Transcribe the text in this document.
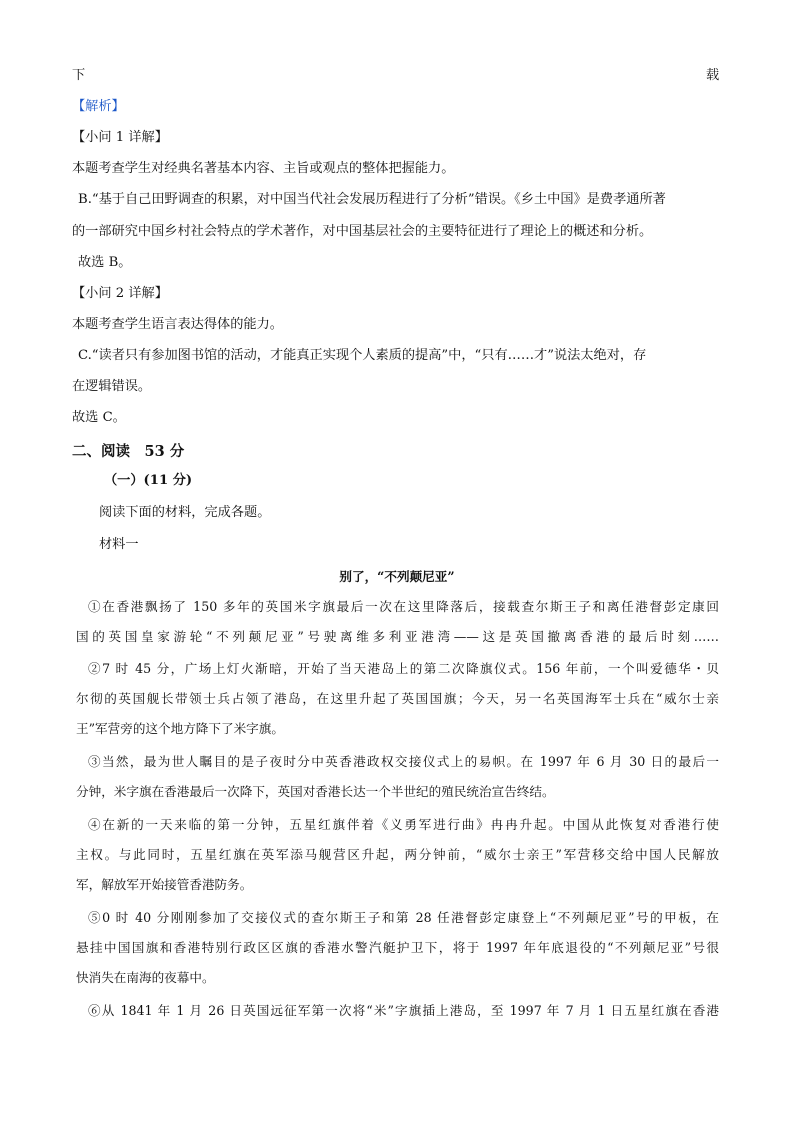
下	载
【解析】
【小问 1 详解】
本题考查学生对经典名著基本内容、主旨或观点的整体把握能力。
B.“基于自己田野调查的积累，对中国当代社会发展历程进行了分析”错误。《乡土中国》是费孝通所著
的一部研究中国乡村社会特点的学术著作，对中国基层社会的主要特征进行了理论上的概述和分析。
故选 B。
【小问 2 详解】
本题考查学生语言表达得体的能力。
C.“读者只有参加图书馆的活动，才能真正实现个人素质的提高”中，“只有……才”说法太绝对，存
在逻辑错误。
故选 C。
二、阅读　53 分
（一）(11 分)
阅读下面的材料，完成各题。
材料一
别了，“不列颠尼亚”
①在香港飘扬了 150 多年的英国米字旗最后一次在这里降落后，接载查尔斯王子和离任港督彭定康回
国的英国皇家游轮“不列颠尼亚”号驶离维多利亚港湾——这是英国撤离香港的最后时刻……
②7 时 45 分，广场上灯火渐暗，开始了当天港岛上的第二次降旗仪式。156 年前，一个叫爱德华・贝
尔彻的英国舰长带领士兵占领了港岛，在这里升起了英国国旗；今天，另一名英国海军士兵在“威尔士亲
王”军营旁的这个地方降下了米字旗。
③当然，最为世人瞩目的是子夜时分中英香港政权交接仪式上的易帜。在 1997 年 6 月 30 日的最后一
分钟，米字旗在香港最后一次降下，英国对香港长达一个半世纪的殖民统治宣告终结。
④在新的一天来临的第一分钟，五星红旗伴着《义勇军进行曲》冉冉升起。中国从此恢复对香港行使
主权。与此同时，五星红旗在英军添马舰营区升起，两分钟前，“威尔士亲王”军营移交给中国人民解放
军，解放军开始接管香港防务。
⑤0 时 40 分刚刚参加了交接仪式的查尔斯王子和第 28 任港督彭定康登上“不列颠尼亚”号的甲板，在
悬挂中国国旗和香港特别行政区区旗的香港水警汽艇护卫下，将于 1997 年年底退役的“不列颠尼亚”号很
快消失在南海的夜幕中。
⑥从 1841 年 1 月 26 日英国远征军第一次将“米”字旗插上港岛，至 1997 年 7 月 1 日五星红旗在香港
